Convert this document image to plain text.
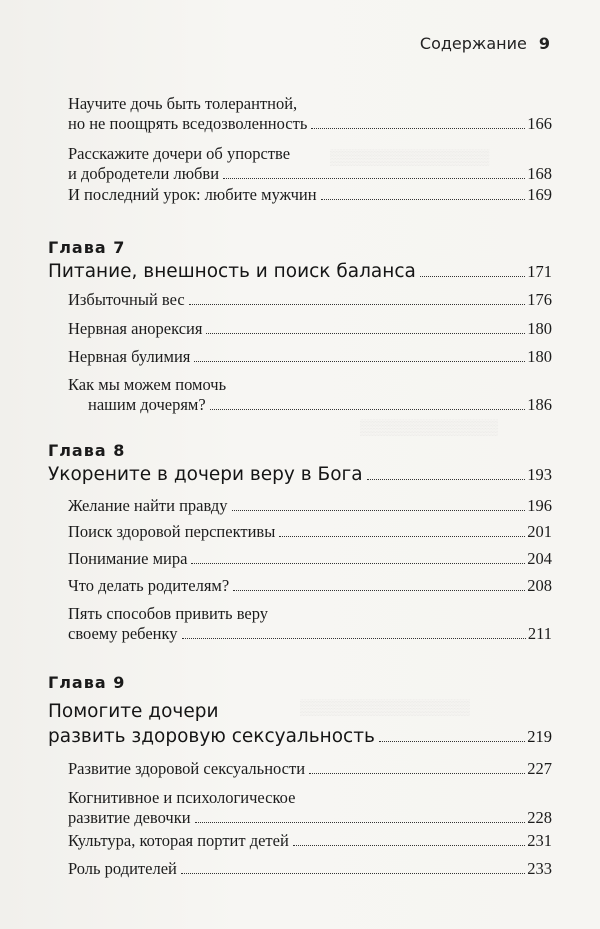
▒▒▒▒▒▒▒▒▒▒▒▒▒▒▒
▒▒▒▒▒▒▒▒▒▒▒▒▒
▒▒▒▒▒▒▒▒▒▒▒▒▒▒▒▒
Содержание 9
Научите дочь быть толерантной,
но не поощрять вседозволенность	166
Расскажите дочери об упорстве
и добродетели любви	168
И последний урок: любите мужчин	169
Глава 7
Питание, внешность и поиск баланса	171
Избыточный вес	176
Нервная анорексия	180
Нервная булимия	180
Как мы можем помочь
нашим дочерям?	186
Глава 8
Укорените в дочери веру в Бога	193
Желание найти правду	196
Поиск здоровой перспективы	201
Понимание мира	204
Что делать родителям?	208
Пять способов привить веру
своему ребенку	211
Глава 9
Помогите дочери
развить здоровую сексуальность	219
Развитие здоровой сексуальности	227
Когнитивное и психологическое
развитие девочки	228
Культура, которая портит детей	231
Роль родителей	233
